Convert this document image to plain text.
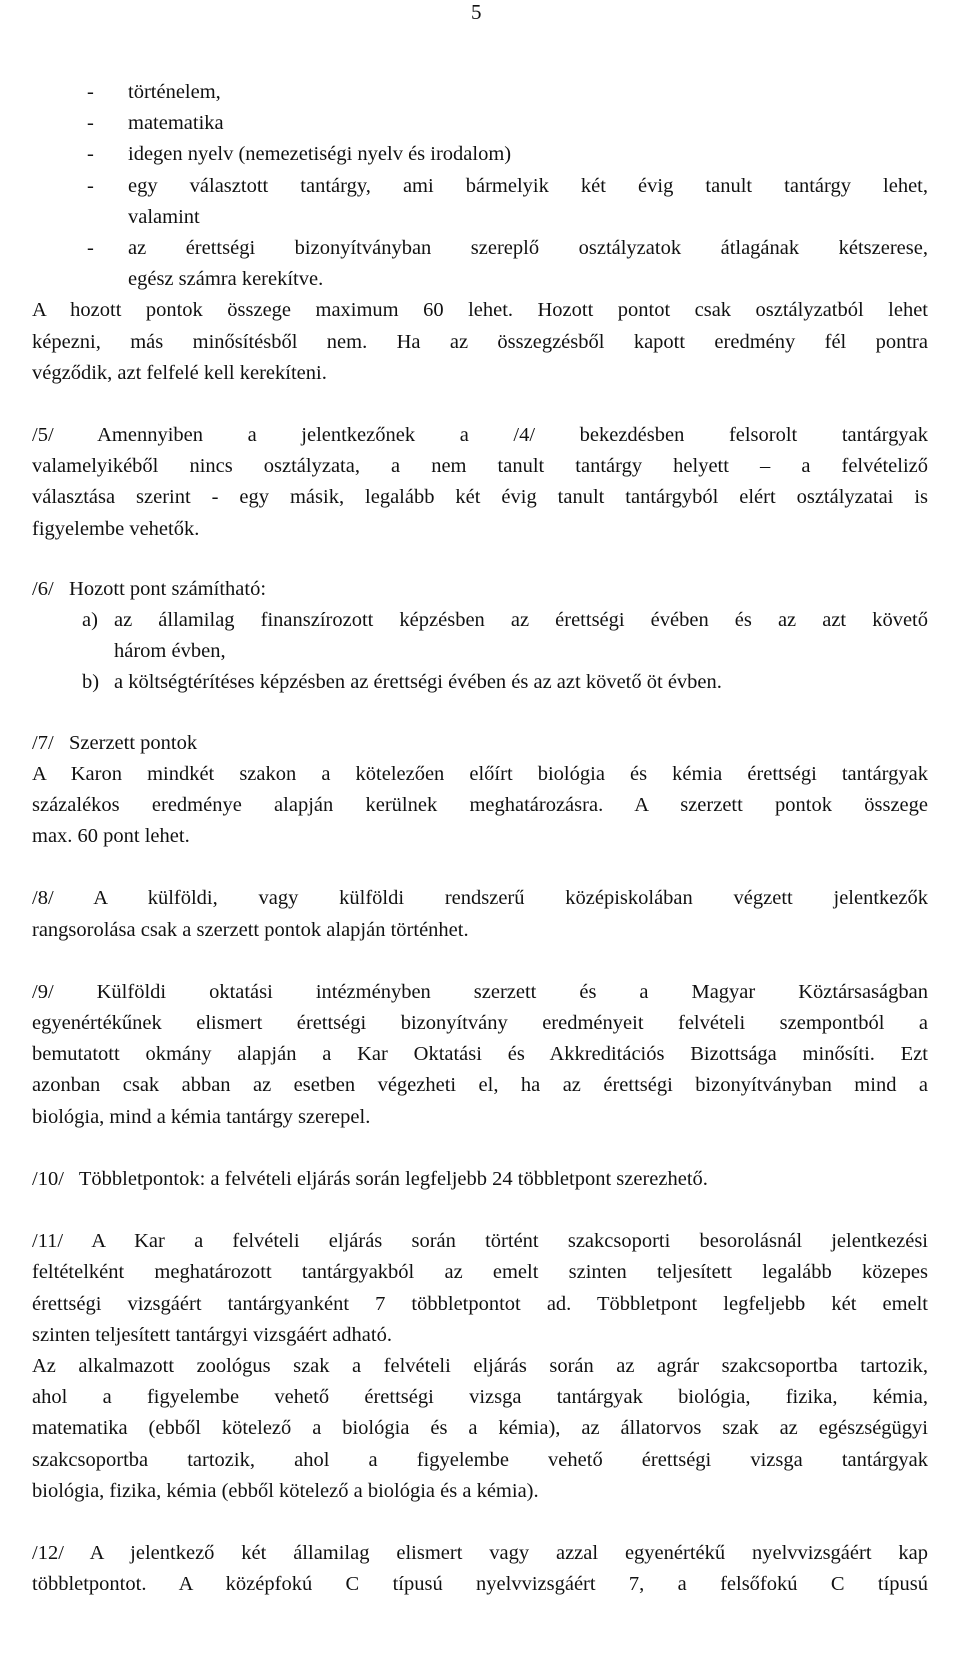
5
- történelem,

- matematika

- idegen nyelv (nemezetiségi nyelv és irodalom)

- egy választott tantárgy, ami bármelyik két évig tanult tantárgy lehet,

valamint

- az érettségi bizonyítványban szereplő osztályzatok átlagának kétszerese,

egész számra kerekítve.

A hozott pontok összege maximum 60 lehet. Hozott pontot csak osztályzatból lehet

képezni, más minősítésből nem. Ha az összegzésből kapott eredmény fél pontra

végződik, azt felfelé kell kerekíteni.

/5/ Amennyiben a jelentkezőnek a /4/ bekezdésben felsorolt tantárgyak

valamelyikéből nincs osztályzata, a nem tanult tantárgy helyett – a felvételiző

választása szerint - egy másik, legalább két évig tanult tantárgyból elért osztályzatai is

figyelembe vehetők.

/6/   Hozott pont számítható:

a) az államilag finanszírozott képzésben az érettségi évében és az azt követő

három évben,

b) a költségtérítéses képzésben az érettségi évében és az azt követő öt évben.

/7/   Szerzett pontok

A Karon mindkét szakon a kötelezően előírt biológia és kémia érettségi tantárgyak

százalékos eredménye alapján kerülnek meghatározásra. A szerzett pontok összege

max. 60 pont lehet.

/8/ A külföldi, vagy külföldi rendszerű középiskolában végzett jelentkezők

rangsorolása csak a szerzett pontok alapján történhet.

/9/ Külföldi oktatási intézményben szerzett és a Magyar Köztársaságban

egyenértékűnek elismert érettségi bizonyítvány eredményeit felvételi szempontból a

bemutatott okmány alapján a Kar Oktatási és Akkreditációs Bizottsága minősíti. Ezt

azonban csak abban az esetben végezheti el, ha az érettségi bizonyítványban mind a

biológia, mind a kémia tantárgy szerepel.

/10/   Többletpontok: a felvételi eljárás során legfeljebb 24 többletpont szerezhető.

/11/ A Kar a felvételi eljárás során történt szakcsoporti besorolásnál jelentkezési

feltételként meghatározott tantárgyakból az emelt szinten teljesített legalább közepes

érettségi vizsgáért tantárgyanként 7 többletpontot ad. Többletpont legfeljebb két emelt

szinten teljesített tantárgyi vizsgáért adható.

Az alkalmazott zoológus szak a felvételi eljárás során az agrár szakcsoportba tartozik,

ahol a figyelembe vehető érettségi vizsga tantárgyak biológia, fizika, kémia,

matematika (ebből kötelező a biológia és a kémia), az állatorvos szak az egészségügyi

szakcsoportba tartozik, ahol a figyelembe vehető érettségi vizsga tantárgyak

biológia, fizika, kémia (ebből kötelező a biológia és a kémia).

/12/ A jelentkező két államilag elismert vagy azzal egyenértékű nyelvvizsgáért kap

többletpontot. A középfokú C típusú nyelvvizsgáért 7, a felsőfokú C típusú
